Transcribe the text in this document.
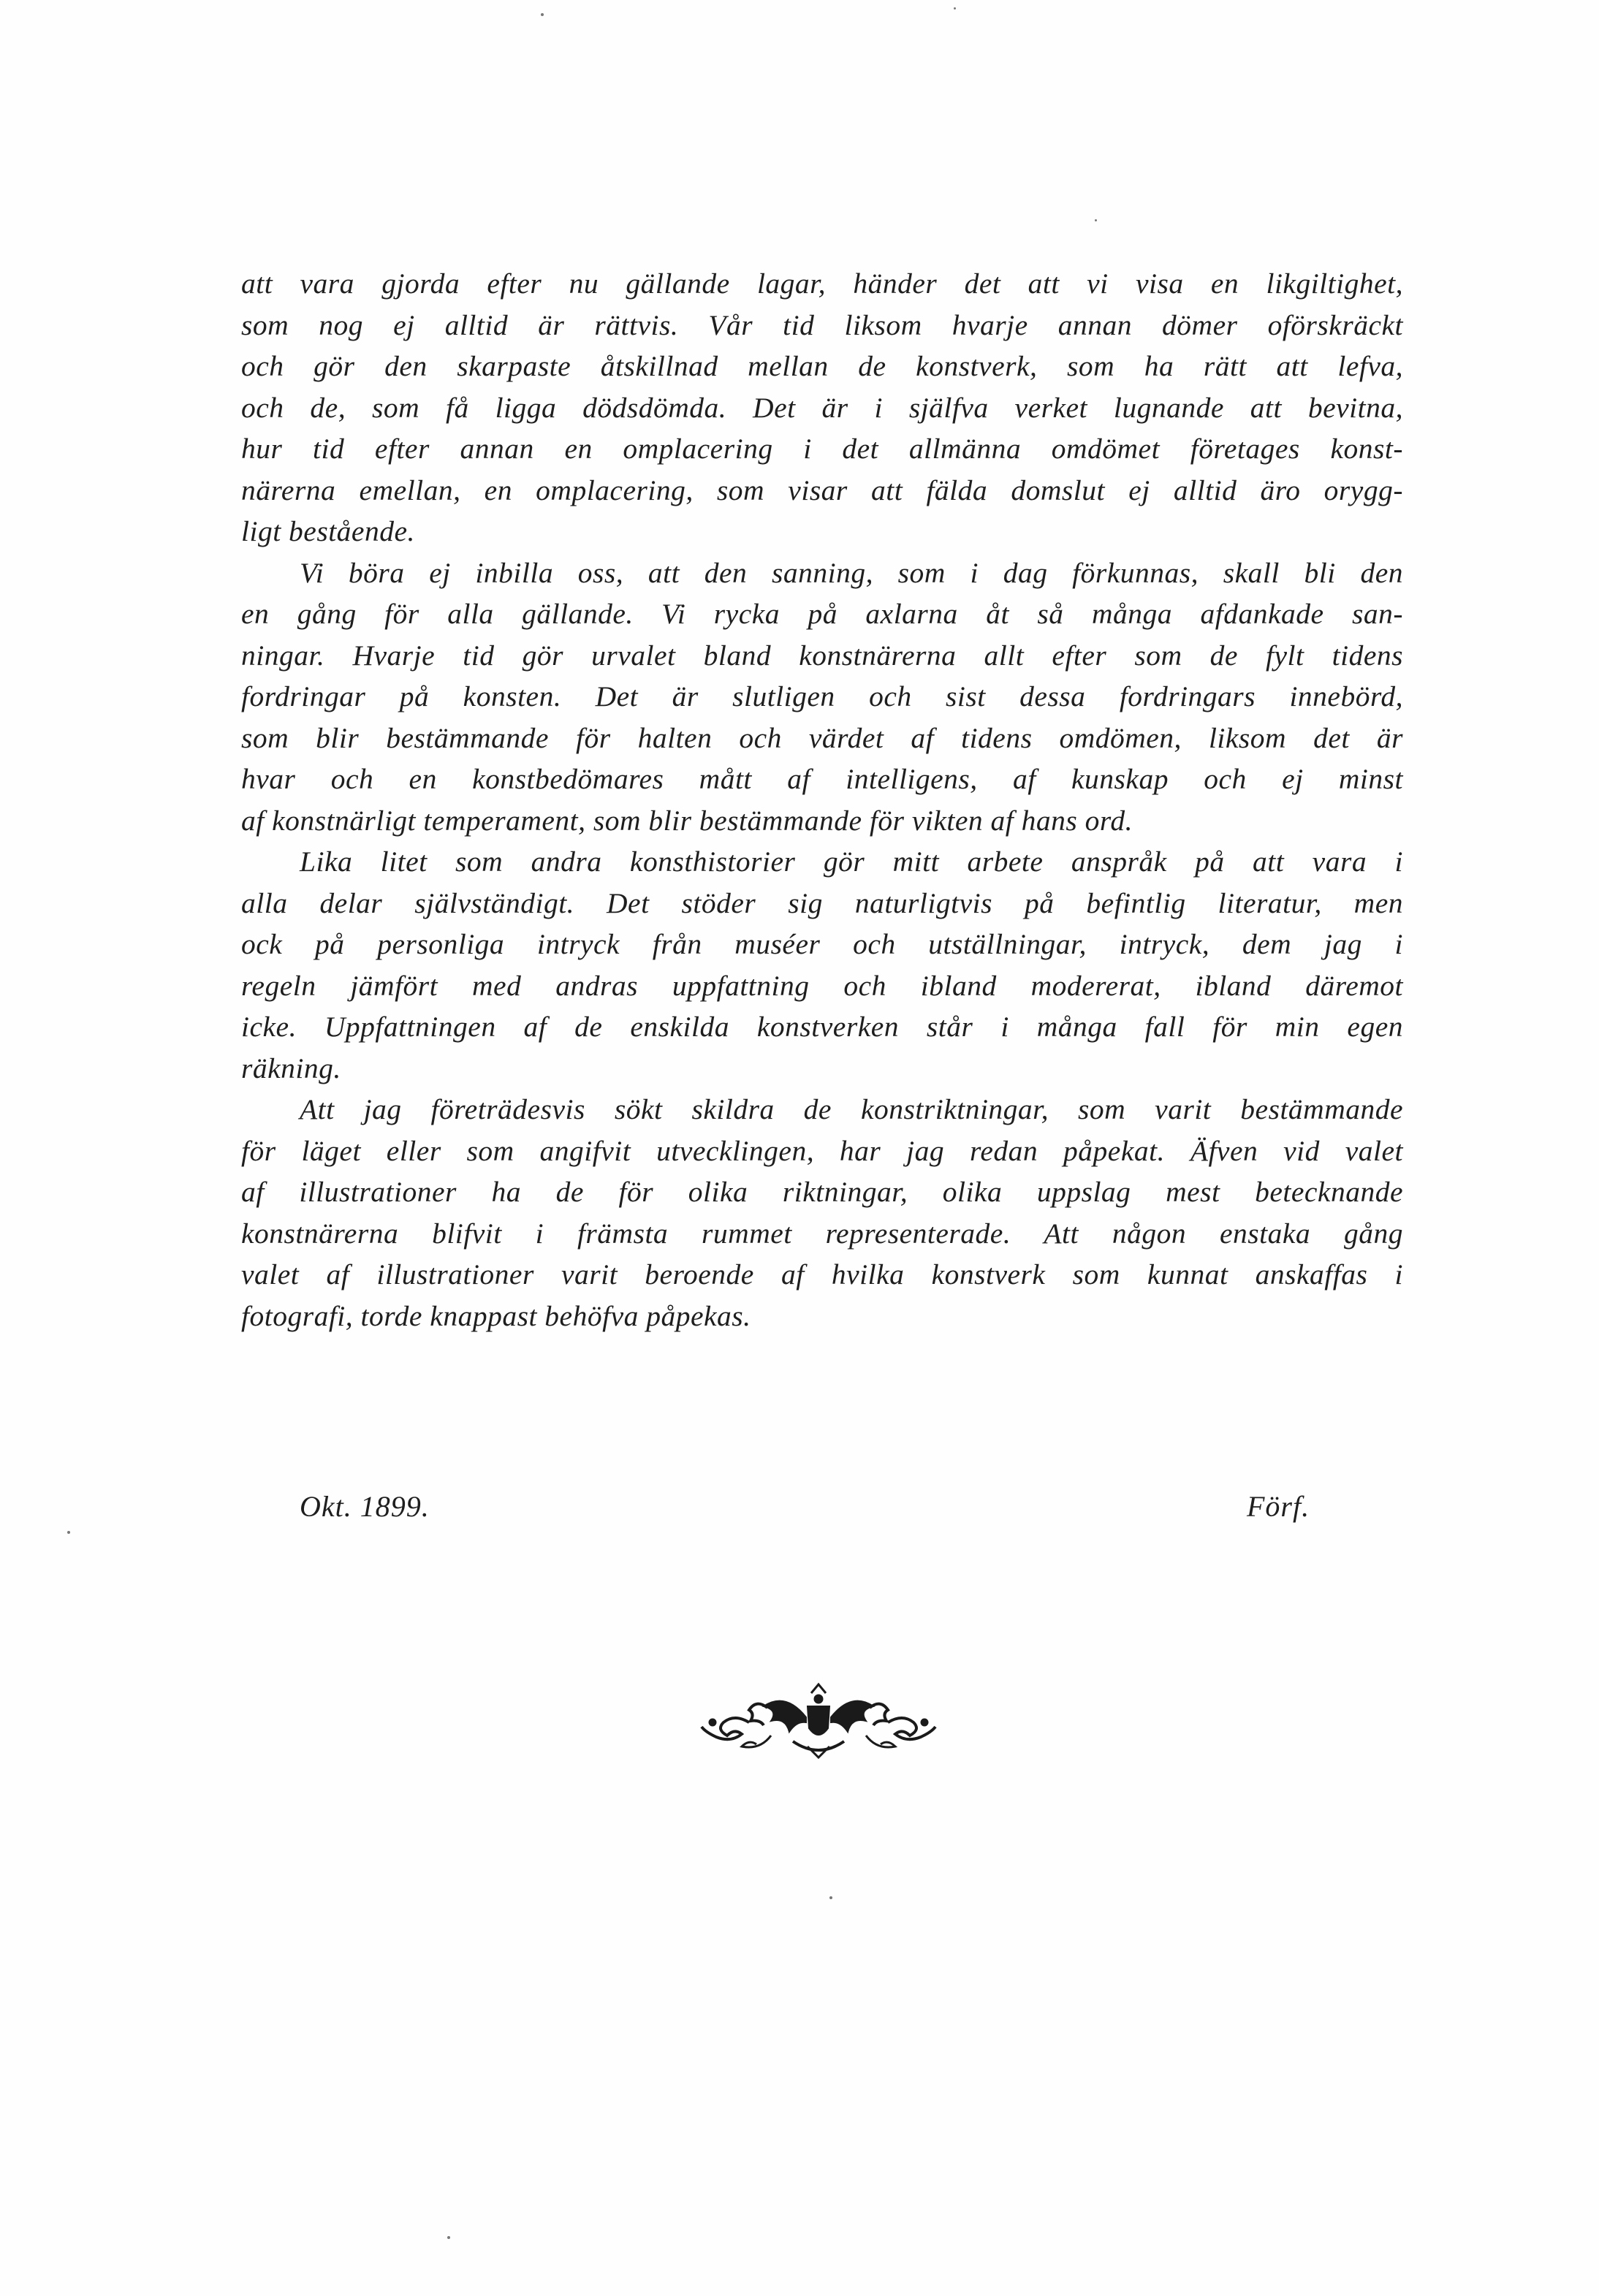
att vara gjorda efter nu gällande lagar, händer det att vi visa en likgiltighet,
som nog ej alltid är rättvis. Vår tid liksom hvarje annan dömer oförskräckt
och gör den skarpaste åtskillnad mellan de konstverk, som ha rätt att lefva,
och de, som få ligga dödsdömda. Det är i själfva verket lugnande att bevitna,
hur tid efter annan en omplacering i det allmänna omdömet företages konst-
närerna emellan, en omplacering, som visar att fälda domslut ej alltid äro orygg-
ligt bestående.
Vi böra ej inbilla oss, att den sanning, som i dag förkunnas, skall bli den
en gång för alla gällande. Vi rycka på axlarna åt så många afdankade san-
ningar. Hvarje tid gör urvalet bland konstnärerna allt efter som de fylt tidens
fordringar på konsten. Det är slutligen och sist dessa fordringars innebörd,
som blir bestämmande för halten och värdet af tidens omdömen, liksom det är
hvar och en konstbedömares mått af intelligens, af kunskap och ej minst
af konstnärligt temperament, som blir bestämmande för vikten af hans ord.
Lika litet som andra konsthistorier gör mitt arbete anspråk på att vara i
alla delar självständigt. Det stöder sig naturligtvis på befintlig literatur, men
ock på personliga intryck från muséer och utställningar, intryck, dem jag i
regeln jämfört med andras uppfattning och ibland modererat, ibland däremot
icke. Uppfattningen af de enskilda konstverken står i många fall för min egen
räkning.
Att jag företrädesvis sökt skildra de konstriktningar, som varit bestämmande
för läget eller som angifvit utvecklingen, har jag redan påpekat. Äfven vid valet
af illustrationer ha de för olika riktningar, olika uppslag mest betecknande
konstnärerna blifvit i främsta rummet representerade. Att någon enstaka gång
valet af illustrationer varit beroende af hvilka konstverk som kunnat anskaffas i
fotografi, torde knappast behöfva påpekas.
Okt. 1899.	Förf.
